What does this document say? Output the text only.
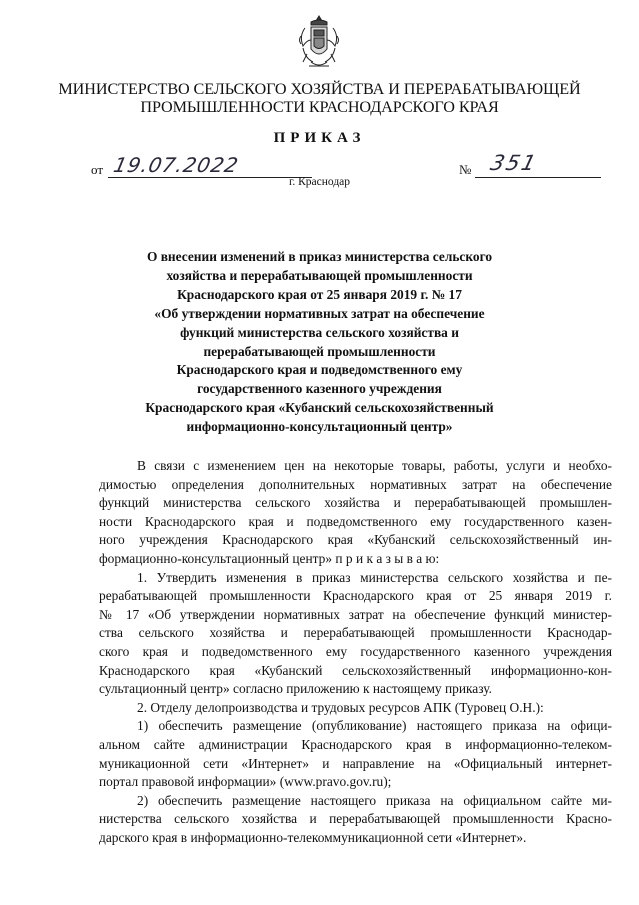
МИНИСТЕРСТВО СЕЛЬСКОГО ХОЗЯЙСТВА И ПЕРЕРАБАТЫВАЮЩЕЙ
ПРОМЫШЛЕННОСТИ КРАСНОДАРСКОГО КРАЯ
ПРИКАЗ
от 19.07.2022	№ 351
г. Краснодар
О внесении изменений в приказ министерства сельского
хозяйства и перерабатывающей промышленности
Краснодарского края от 25 января 2019 г. № 17
«Об утверждении нормативных затрат на обеспечение
функций министерства сельского хозяйства и
перерабатывающей промышленности
Краснодарского края и подведомственного ему
государственного казенного учреждения
Краснодарского края «Кубанский сельскохозяйственный
информационно-консультационный центр»
В связи с изменением цен на некоторые товары, работы, услуги и необхо-
димостью определения дополнительных нормативных затрат на обеспечение
функций министерства сельского хозяйства и перерабатывающей промышлен-
ности Краснодарского края и подведомственного ему государственного казен-
ного учреждения Краснодарского края «Кубанский сельскохозяйственный ин-
формационно-консультационный центр» п р и к а з ы в а ю:
1. Утвердить изменения в приказ министерства сельского хозяйства и пе-
рерабатывающей промышленности Краснодарского края от 25 января 2019 г.
№ 17 «Об утверждении нормативных затрат на обеспечение функций министер-
ства сельского хозяйства и перерабатывающей промышленности Краснодар-
ского края и подведомственного ему государственного казенного учреждения
Краснодарского края «Кубанский сельскохозяйственный информационно-кон-
сультационный центр» согласно приложению к настоящему приказу.
2. Отделу делопроизводства и трудовых ресурсов АПК (Туровец О.Н.):
1) обеспечить размещение (опубликование) настоящего приказа на офици-
альном сайте администрации Краснодарского края в информационно-телеком-
муникационной сети «Интернет» и направление на «Официальный интернет-
портал правовой информации» (www.pravo.gov.ru);
2) обеспечить размещение настоящего приказа на официальном сайте ми-
нистерства сельского хозяйства и перерабатывающей промышленности Красно-
дарского края в информационно-телекоммуникационной сети «Интернет».
